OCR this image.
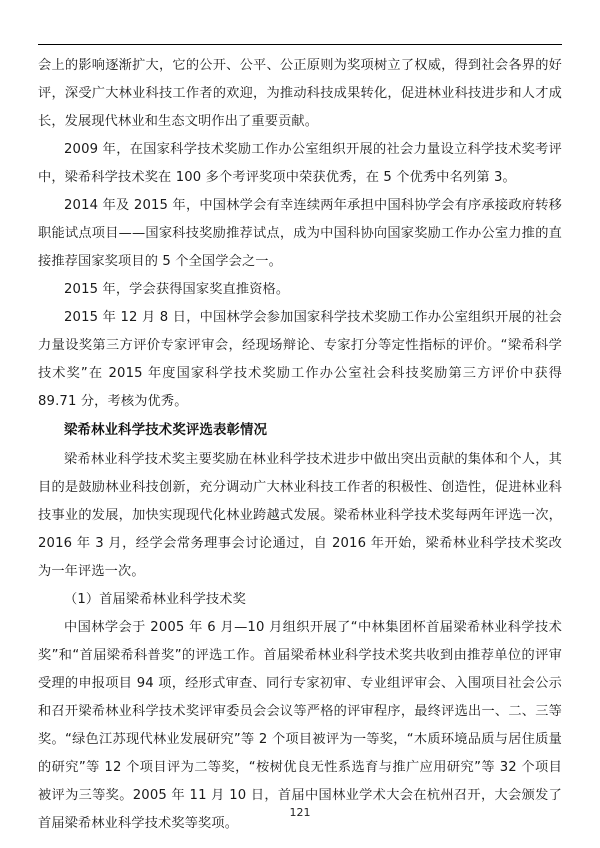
会上的影响逐渐扩大，它的公开、公平、公正原则为奖项树立了权威，得到社会各界的好评，深受广大林业科技工作者的欢迎，为推动科技成果转化，促进林业科技进步和人才成长，发展现代林业和生态文明作出了重要贡献。

2009 年，在国家科学技术奖励工作办公室组织开展的社会力量设立科学技术奖考评中，梁希科学技术奖在 100 多个考评奖项中荣获优秀，在 5 个优秀中名列第 3。

2014 年及 2015 年，中国林学会有幸连续两年承担中国科协学会有序承接政府转移职能试点项目——国家科技奖励推荐试点，成为中国科协向国家奖励工作办公室力推的直接推荐国家奖项目的 5 个全国学会之一。

2015 年，学会获得国家奖直推资格。

2015 年 12 月 8 日，中国林学会参加国家科学技术奖励工作办公室组织开展的社会力量设奖第三方评价专家评审会，经现场辩论、专家打分等定性指标的评价。“梁希科学技术奖”在 2015 年度国家科学技术奖励工作办公室社会科技奖励第三方评价中获得 89.71 分，考核为优秀。

梁希林业科学技术奖评选表彰情况

梁希林业科学技术奖主要奖励在林业科学技术进步中做出突出贡献的集体和个人，其目的是鼓励林业科技创新，充分调动广大林业科技工作者的积极性、创造性，促进林业科技事业的发展，加快实现现代化林业跨越式发展。梁希林业科学技术奖每两年评选一次，2016 年 3 月，经学会常务理事会讨论通过，自 2016 年开始，梁希林业科学技术奖改为一年评选一次。

（1）首届梁希林业科学技术奖

中国林学会于 2005 年 6 月—10 月组织开展了“中林集团杯首届梁希林业科学技术奖”和“首届梁希科普奖”的评选工作。首届梁希林业科学技术奖共收到由推荐单位的评审受理的申报项目 94 项，经形式审查、同行专家初审、专业组评审会、入围项目社会公示和召开梁希林业科学技术奖评审委员会会议等严格的评审程序，最终评选出一、二、三等奖。“绿色江苏现代林业发展研究”等 2 个项目被评为一等奖，“木质环境品质与居住质量的研究”等 12 个项目评为二等奖，“桉树优良无性系选育与推广应用研究”等 32 个项目被评为三等奖。2005 年 11 月 10 日，首届中国林业学术大会在杭州召开，大会颁发了首届梁希林业科学技术奖等奖项。

121
